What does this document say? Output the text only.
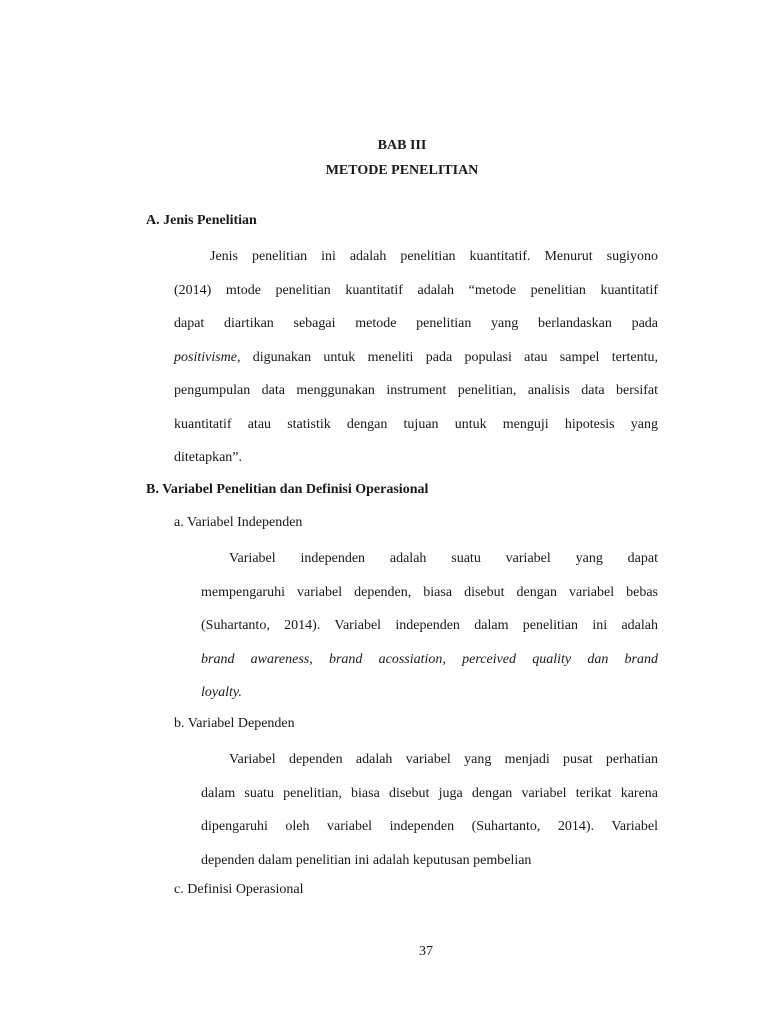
BAB III
METODE PENELITIAN
A. Jenis Penelitian
Jenis penelitian ini adalah penelitian kuantitatif. Menurut sugiyono
(2014) mtode penelitian kuantitatif adalah “metode penelitian kuantitatif
dapat diartikan sebagai metode penelitian yang berlandaskan pada
positivisme, digunakan untuk meneliti pada populasi atau sampel tertentu,
pengumpulan data menggunakan instrument penelitian, analisis data bersifat
kuantitatif atau statistik dengan tujuan untuk menguji hipotesis yang
ditetapkan”.
B. Variabel Penelitian dan Definisi Operasional
a. Variabel Independen
Variabel independen adalah suatu variabel yang dapat
mempengaruhi variabel dependen, biasa disebut dengan variabel bebas
(Suhartanto, 2014). Variabel independen dalam penelitian ini adalah
brand awareness, brand acossiation, perceived quality dan brand
loyalty.
b. Variabel Dependen
Variabel dependen adalah variabel yang menjadi pusat perhatian
dalam suatu penelitian, biasa disebut juga dengan variabel terikat karena
dipengaruhi oleh variabel independen (Suhartanto, 2014). Variabel
dependen dalam penelitian ini adalah keputusan pembelian
c. Definisi Operasional
37
